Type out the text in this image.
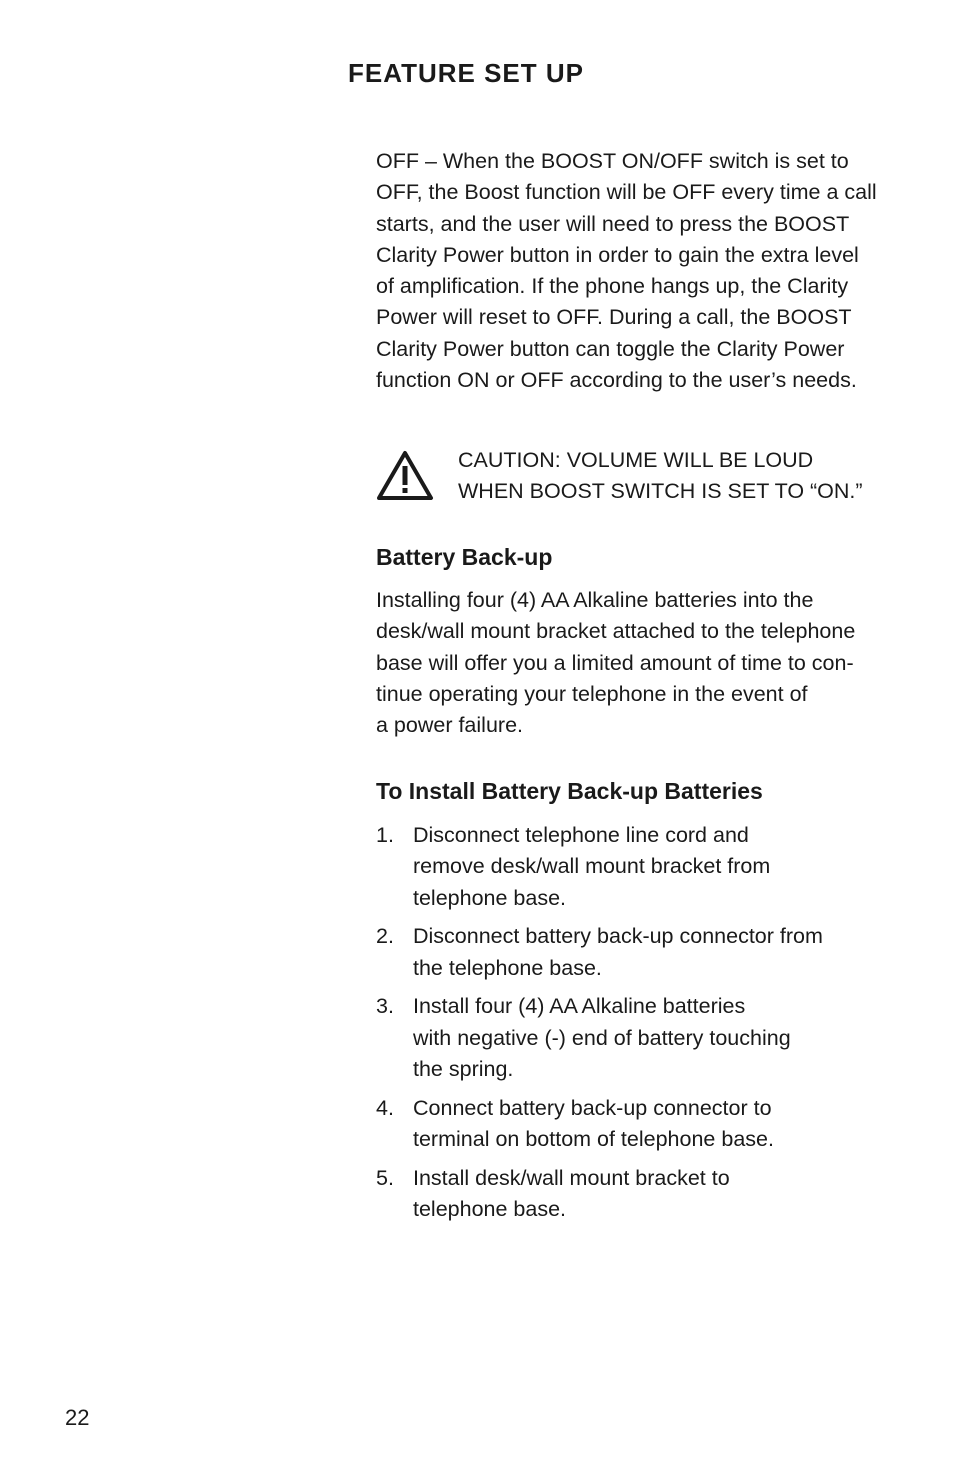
FEATURE SET UP

OFF – When the BOOST ON/OFF switch is set to
OFF, the Boost function will be OFF every time a call
starts, and the user will need to press the BOOST
Clarity Power button in order to gain the extra level
of amplification. If the phone hangs up, the Clarity
Power will reset to OFF. During a call, the BOOST
Clarity Power button can toggle the Clarity Power
function ON or OFF according to the user’s needs.

CAUTION: VOLUME WILL BE LOUD
WHEN BOOST SWITCH IS SET TO “ON.”
Battery Back-up

Installing four (4) AA Alkaline batteries into the
desk/wall mount bracket attached to the telephone
base will offer you a limited amount of time to con-
tinue operating your telephone in the event of
a power failure.

To Install Battery Back-up Batteries
1. Disconnect telephone line cord and
remove desk/wall mount bracket from
telephone base.
2. Disconnect battery back-up connector from
the telephone base.
3. Install four (4) AA Alkaline batteries
with negative (-) end of battery touching
the spring.
4. Connect battery back-up connector to
terminal on bottom of telephone base.
5. Install desk/wall mount bracket to
telephone base.

22
